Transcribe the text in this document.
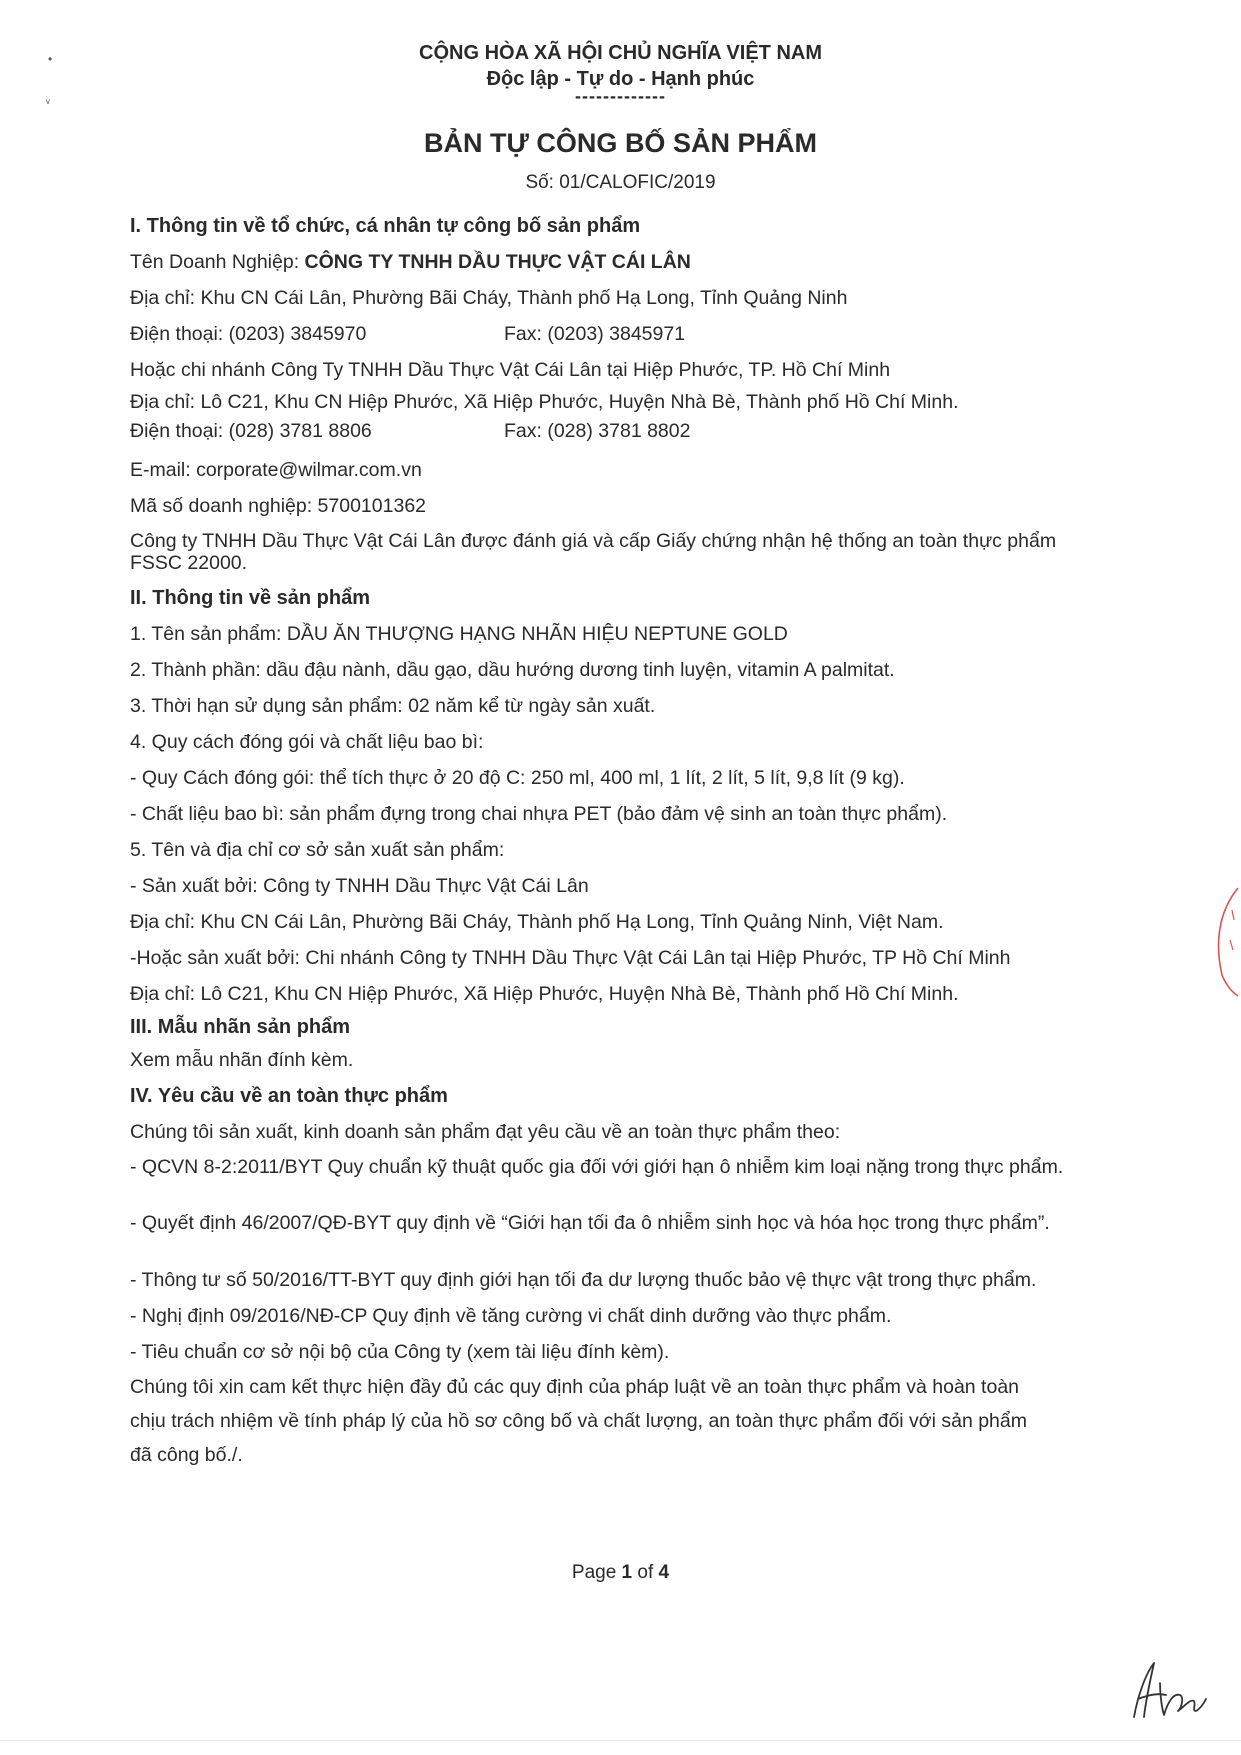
•
ᵛ
CỘNG HÒA XÃ HỘI CHỦ NGHĨA VIỆT NAM
Độc lập - Tự do - Hạnh phúc
-------------
BẢN TỰ CÔNG BỐ SẢN PHẨM
Số: 01/CALOFIC/2019
I. Thông tin về tổ chức, cá nhân tự công bố sản phẩm
Tên Doanh Nghiệp: CÔNG TY TNHH DẦU THỰC VẬT CÁI LÂN
Địa chỉ: Khu CN Cái Lân, Phường Bãi Cháy, Thành phố Hạ Long, Tỉnh Quảng Ninh
Điện thoại: (0203) 3845970	Fax: (0203) 3845971
Hoặc chi nhánh Công Ty TNHH Dầu Thực Vật Cái Lân tại Hiệp Phước, TP. Hồ Chí Minh
Địa chỉ: Lô C21, Khu CN Hiệp Phước, Xã Hiệp Phước, Huyện Nhà Bè, Thành phố Hồ Chí Minh.
Điện thoại: (028) 3781 8806	Fax: (028) 3781 8802
E-mail: corporate@wilmar.com.vn
Mã số doanh nghiệp: 5700101362
Công ty TNHH Dầu Thực Vật Cái Lân được đánh giá và cấp Giấy chứng nhận hệ thống an toàn thực phẩm FSSC 22000.
II. Thông tin về sản phẩm
1. Tên sản phẩm: DẦU ĂN THƯỢNG HẠNG NHÃN HIỆU NEPTUNE GOLD
2. Thành phần: dầu đậu nành, dầu gạo, dầu hướng dương tinh luyện, vitamin A palmitat.
3. Thời hạn sử dụng sản phẩm: 02 năm kể từ ngày sản xuất.
4. Quy cách đóng gói và chất liệu bao bì:
- Quy Cách đóng gói: thể tích thực ở 20 độ C: 250 ml, 400 ml, 1 lít, 2 lít, 5 lít, 9,8 lít (9 kg).
- Chất liệu bao bì: sản phẩm đựng trong chai nhựa PET (bảo đảm vệ sinh an toàn thực phẩm).
5. Tên và địa chỉ cơ sở sản xuất sản phẩm:
- Sản xuất bởi: Công ty TNHH Dầu Thực Vật Cái Lân
Địa chỉ: Khu CN Cái Lân, Phường Bãi Cháy, Thành phố Hạ Long, Tỉnh Quảng Ninh, Việt Nam.
-Hoặc sản xuất bởi: Chi nhánh Công ty TNHH Dầu Thực Vật Cái Lân tại Hiệp Phước, TP Hồ Chí Minh
Địa chỉ: Lô C21, Khu CN Hiệp Phước, Xã Hiệp Phước, Huyện Nhà Bè, Thành phố Hồ Chí Minh.
III. Mẫu nhãn sản phẩm
Xem mẫu nhãn đính kèm.
IV. Yêu cầu về an toàn thực phẩm
Chúng tôi sản xuất, kinh doanh sản phẩm đạt yêu cầu về an toàn thực phẩm theo:
- QCVN 8-2:2011/BYT Quy chuẩn kỹ thuật quốc gia đối với giới hạn ô nhiễm kim loại nặng trong thực phẩm.
- Quyết định 46/2007/QĐ-BYT quy định về “Giới hạn tối đa ô nhiễm sinh học và hóa học trong thực phẩm”.
- Thông tư số 50/2016/TT-BYT quy định giới hạn tối đa dư lượng thuốc bảo vệ thực vật trong thực phẩm.
- Nghị định 09/2016/NĐ-CP Quy định về tăng cường vi chất dinh dưỡng vào thực phẩm.
- Tiêu chuẩn cơ sở nội bộ của Công ty (xem tài liệu đính kèm).
Chúng tôi xin cam kết thực hiện đầy đủ các quy định của pháp luật về an toàn thực phẩm và hoàn toàn
chịu trách nhiệm về tính pháp lý của hồ sơ công bố và chất lượng, an toàn thực phẩm đối với sản phẩm
đã công bố./.
Page 1 of 4
